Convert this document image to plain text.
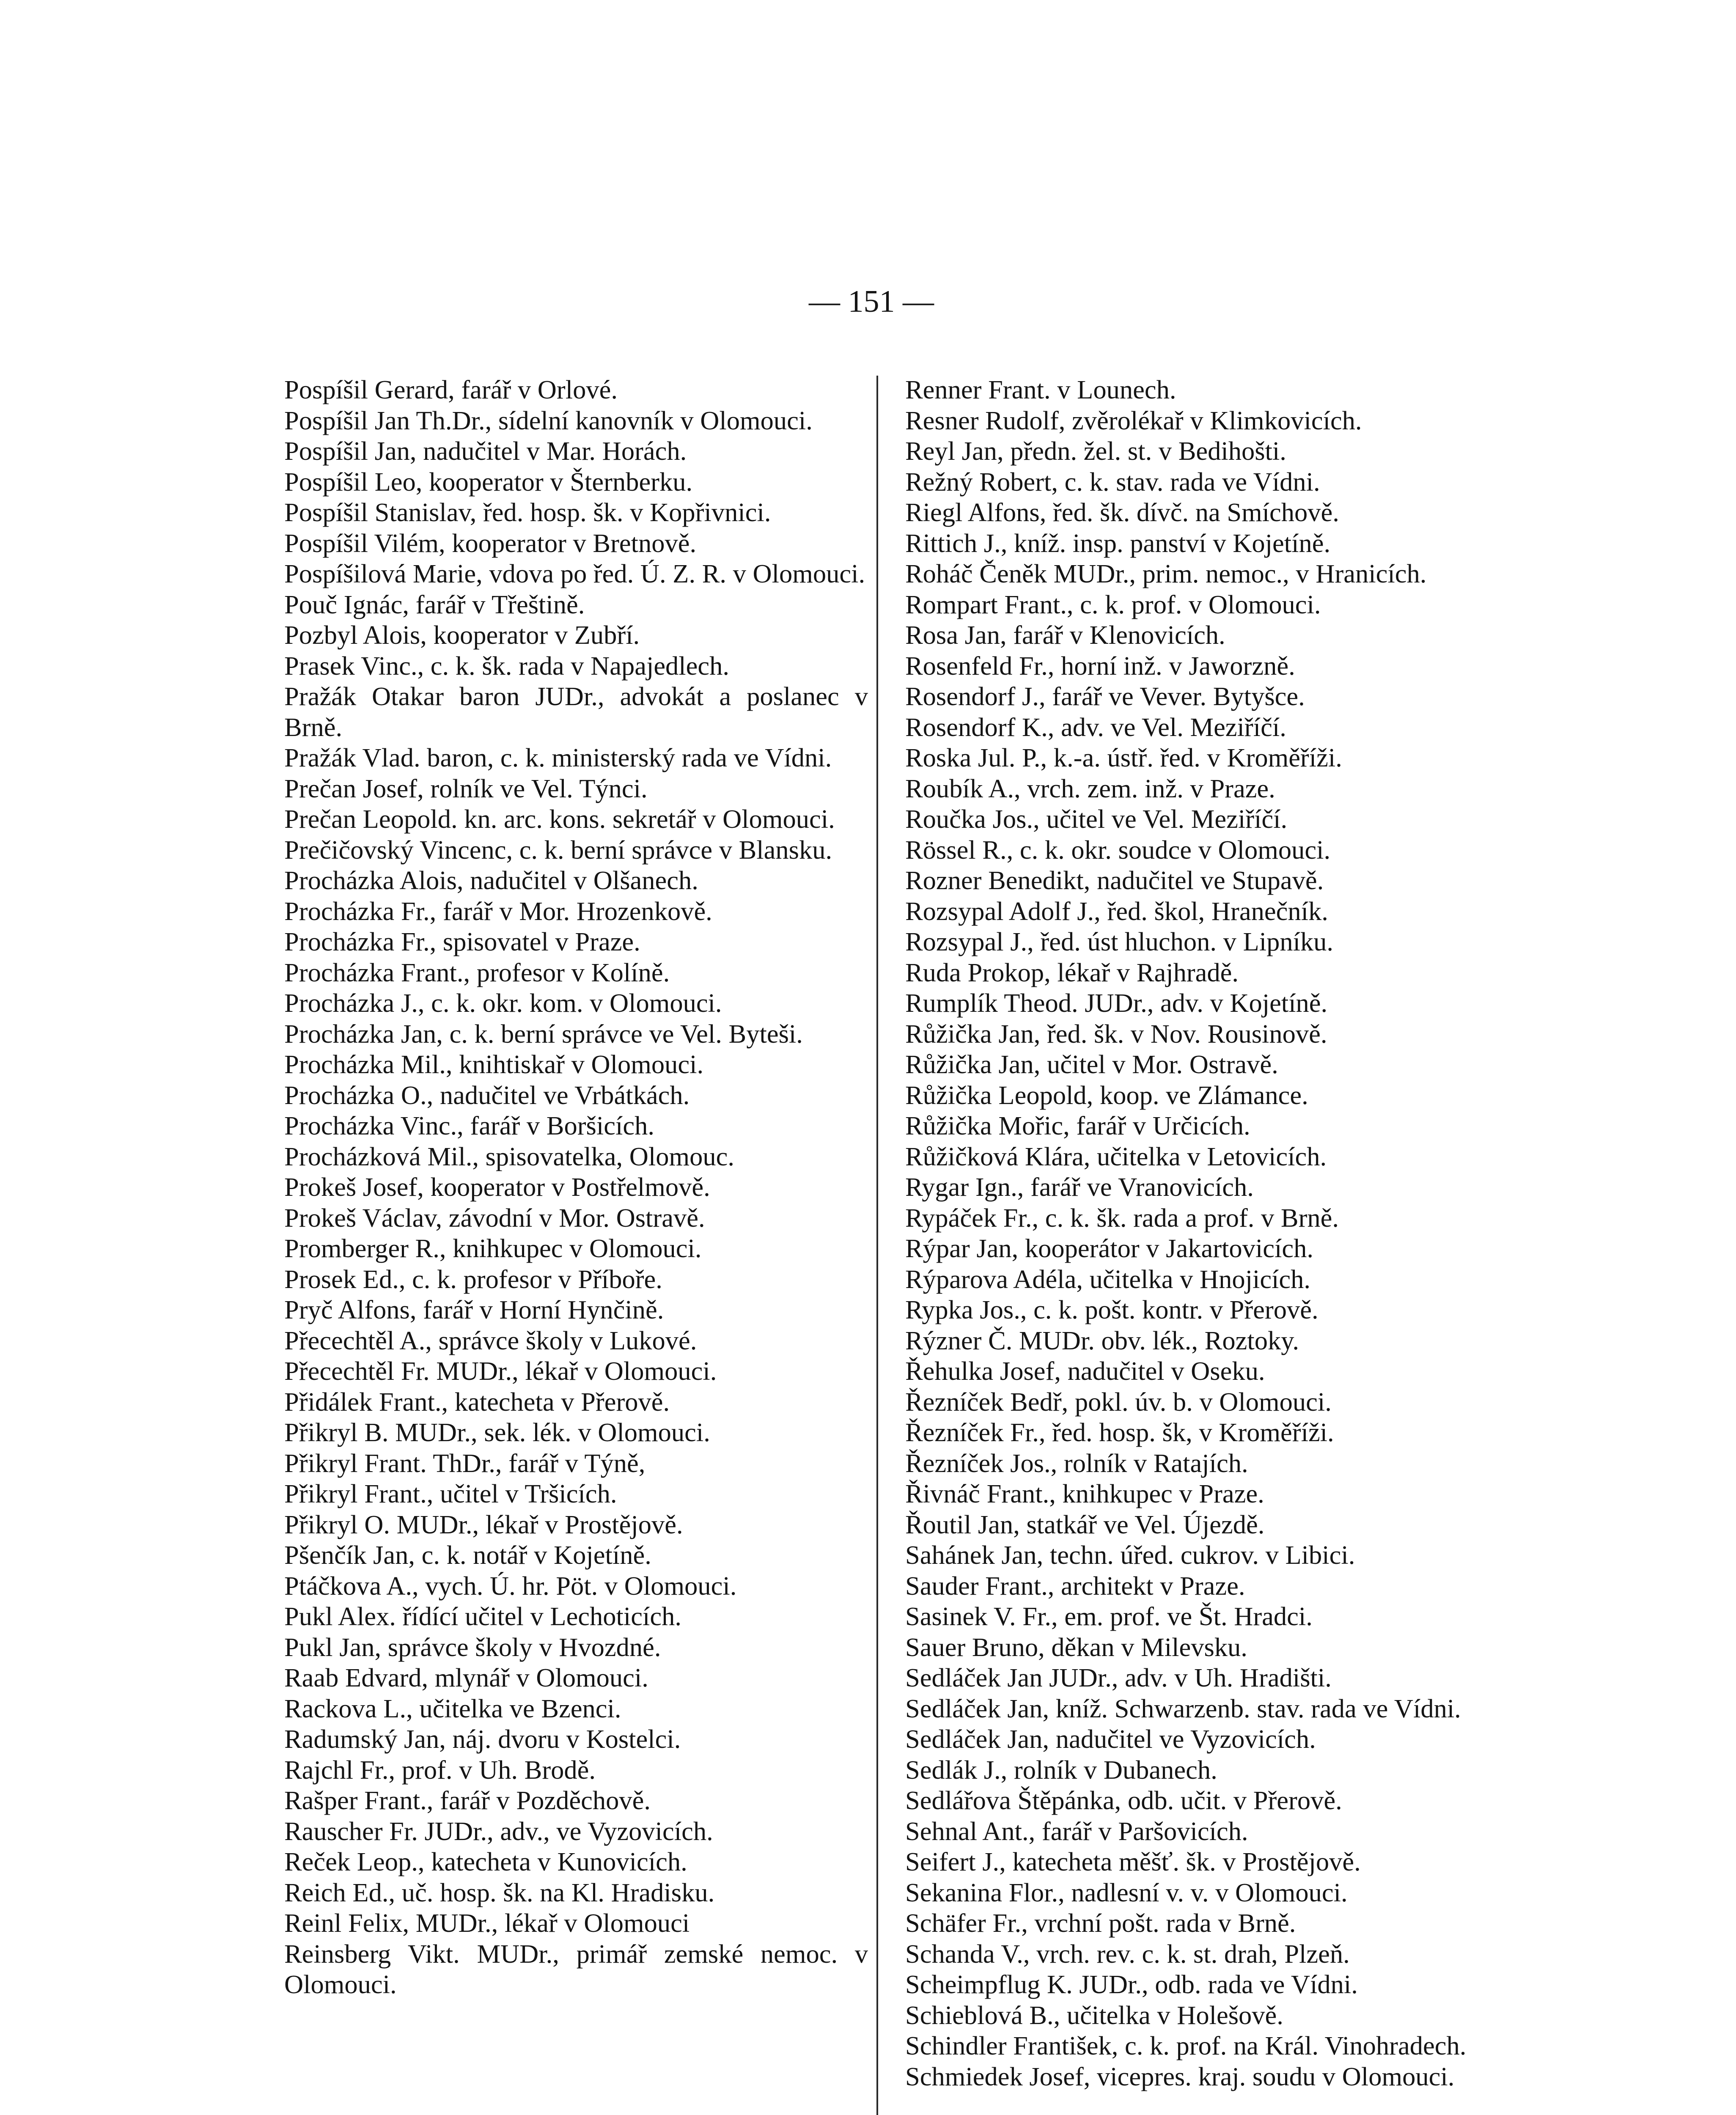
— 151 —
Pospíšil Gerard, farář v Orlové.
Pospíšil Jan Th.Dr., sídelní kanovník v Olomouci.
Pospíšil Jan, nadučitel v Mar. Horách.
Pospíšil Leo, kooperator v Šternberku.
Pospíšil Stanislav, řed. hosp. šk. v Kopřivnici.
Pospíšil Vilém, kooperator v Bretnově.
Pospíšilová Marie, vdova po řed. Ú. Z. R. v Olomouci.
Pouč Ignác, farář v Třeštině.
Pozbyl Alois, kooperator v Zubří.
Prasek Vinc., c. k. šk. rada v Napajedlech.
Pražák Otakar baron JUDr., advokát a poslanec v Brně.
Pražák Vlad. baron, c. k. ministerský rada ve Vídni.
Prečan Josef, rolník ve Vel. Týnci.
Prečan Leopold. kn. arc. kons. sekretář v Olomouci.
Prečičovský Vincenc, c. k. berní správce v Blansku.
Procházka Alois, nadučitel v Olšanech.
Procházka Fr., farář v Mor. Hrozenkově.
Procházka Fr., spisovatel v Praze.
Procházka Frant., profesor v Kolíně.
Procházka J., c. k. okr. kom. v Olomouci.
Procházka Jan, c. k. berní správce ve Vel. Byteši.
Procházka Mil., knihtiskař v Olomouci.
Procházka O., nadučitel ve Vrbátkách.
Procházka Vinc., farář v Boršicích.
Procházková Mil., spisovatelka, Olomouc.
Prokeš Josef, kooperator v Postřelmově.
Prokeš Václav, závodní v Mor. Ostravě.
Promberger R., knihkupec v Olomouci.
Prosek Ed., c. k. profesor v Příboře.
Pryč Alfons, farář v Horní Hynčině.
Přecechtěl A., správce školy v Lukové.
Přecechtěl Fr. MUDr., lékař v Olomouci.
Přidálek Frant., katecheta v Přerově.
Přikryl B. MUDr., sek. lék. v Olomouci.
Přikryl Frant. ThDr., farář v Týně,
Přikryl Frant., učitel v Tršicích.
Přikryl O. MUDr., lékař v Prostějově.
Pšenčík Jan, c. k. notář v Kojetíně.
Ptáčkova A., vych. Ú. hr. Pöt. v Olomouci.
Pukl Alex. řídící učitel v Lechoticích.
Pukl Jan, správce školy v Hvozdné.
Raab Edvard, mlynář v Olomouci.
Rackova L., učitelka ve Bzenci.
Radumský Jan, náj. dvoru v Kostelci.
Rajchl Fr., prof. v Uh. Brodě.
Rašper Frant., farář v Pozděchově.
Rauscher Fr. JUDr., adv., ve Vyzovicích.
Reček Leop., katecheta v Kunovicích.
Reich Ed., uč. hosp. šk. na Kl. Hradisku.
Reinl Felix, MUDr., lékař v Olomouci
Reinsberg Vikt. MUDr., primář zemské nemoc. v Olomouci.
Renner Frant. v Lounech.
Resner Rudolf, zvěrolékař v Klimkovicích.
Reyl Jan, předn. žel. st. v Bedihošti.
Režný Robert, c. k. stav. rada ve Vídni.
Riegl Alfons, řed. šk. dívč. na Smíchově.
Rittich J., kníž. insp. panství v Kojetíně.
Roháč Čeněk MUDr., prim. nemoc., v Hranicích.
Rompart Frant., c. k. prof. v Olomouci.
Rosa Jan, farář v Klenovicích.
Rosenfeld Fr., horní inž. v Jaworzně.
Rosendorf J., farář ve Vever. Bytyšce.
Rosendorf K., adv. ve Vel. Meziříčí.
Roska Jul. P., k.-a. ústř. řed. v Kroměříži.
Roubík A., vrch. zem. inž. v Praze.
Roučka Jos., učitel ve Vel. Meziříčí.
Rössel R., c. k. okr. soudce v Olomouci.
Rozner Benedikt, nadučitel ve Stupavě.
Rozsypal Adolf J., řed. škol, Hranečník.
Rozsypal J., řed. úst hluchon. v Lipníku.
Ruda Prokop, lékař v Rajhradě.
Rumplík Theod. JUDr., adv. v Kojetíně.
Růžička Jan, řed. šk. v Nov. Rousinově.
Růžička Jan, učitel v Mor. Ostravě.
Růžička Leopold, koop. ve Zlámance.
Růžička Mořic, farář v Určicích.
Růžičková Klára, učitelka v Letovicích.
Rygar Ign., farář ve Vranovicích.
Rypáček Fr., c. k. šk. rada a prof. v Brně.
Rýpar Jan, kooperátor v Jakartovicích.
Rýparova Adéla, učitelka v Hnojicích.
Rypka Jos., c. k. pošt. kontr. v Přerově.
Rýzner Č. MUDr. obv. lék., Roztoky.
Řehulka Josef, nadučitel v Oseku.
Řezníček Bedř, pokl. úv. b. v Olomouci.
Řezníček Fr., řed. hosp. šk, v Kroměříži.
Řezníček Jos., rolník v Ratajích.
Řivnáč Frant., knihkupec v Praze.
Řoutil Jan, statkář ve Vel. Újezdě.
Sahánek Jan, techn. úřed. cukrov. v Libici.
Sauder Frant., architekt v Praze.
Sasinek V. Fr., em. prof. ve Št. Hradci.
Sauer Bruno, děkan v Milevsku.
Sedláček Jan JUDr., adv. v Uh. Hradišti.
Sedláček Jan, kníž. Schwarzenb. stav. rada ve Vídni.
Sedláček Jan, nadučitel ve Vyzovicích.
Sedlák J., rolník v Dubanech.
Sedlářova Štěpánka, odb. učit. v Přerově.
Sehnal Ant., farář v Paršovicích.
Seifert J., katecheta měšť. šk. v Prostějově.
Sekanina Flor., nadlesní v. v. v Olomouci.
Schäfer Fr., vrchní pošt. rada v Brně.
Schanda V., vrch. rev. c. k. st. drah, Plzeň.
Scheimpflug K. JUDr., odb. rada ve Vídni.
Schieblová B., učitelka v Holešově.
Schindler František, c. k. prof. na Král. Vinohradech.
Schmiedek Josef, vicepres. kraj. soudu v Olomouci.
